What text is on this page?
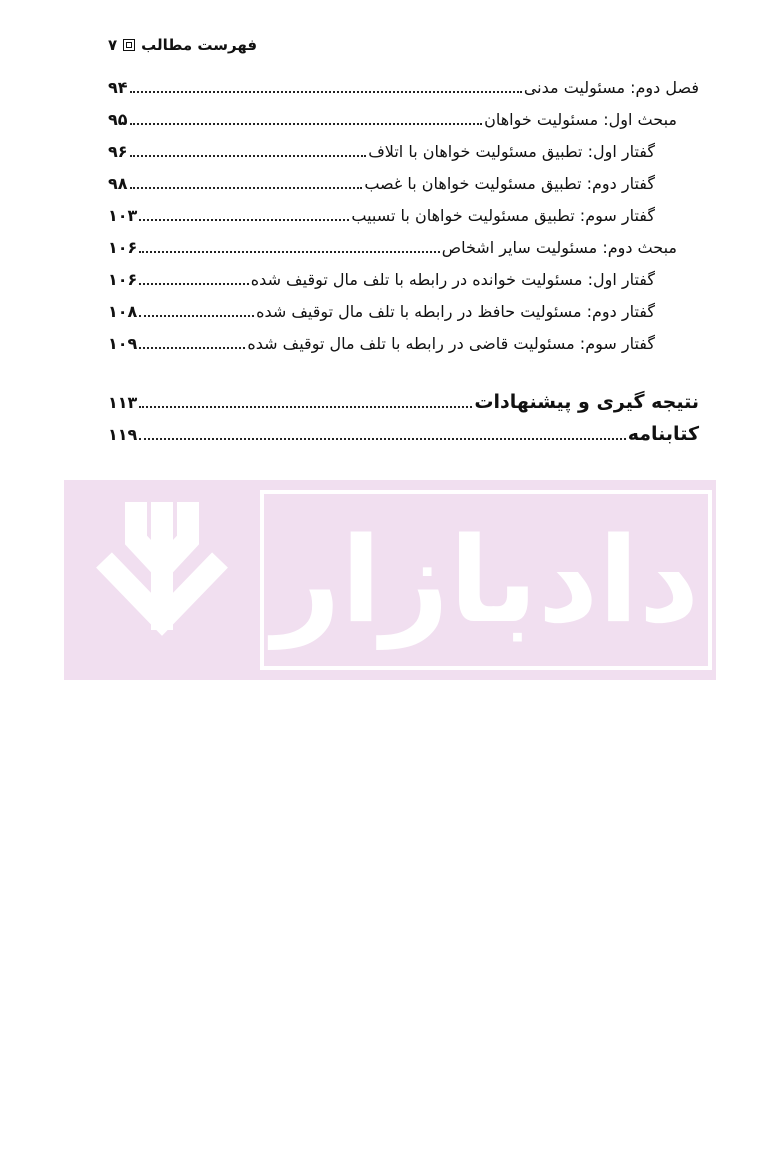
۷ فهرست مطالب
فصل دوم: مسئولیت مدنی
۹۴
مبحث اول: مسئولیت خواهان
۹۵
گفتار اول: تطبیق مسئولیت خواهان با اتلاف
۹۶
گفتار دوم: تطبیق مسئولیت خواهان با غصب
۹۸
گفتار سوم: تطبیق مسئولیت خواهان با تسبیب
۱۰۳
مبحث دوم: مسئولیت سایر اشخاص
۱۰۶
گفتار اول: مسئولیت خوانده در رابطه با تلف مال توقیف شده
۱۰۶
گفتار دوم: مسئولیت حافظ در رابطه با تلف مال توقیف شده
۱۰۸
گفتار سوم: مسئولیت قاضی در رابطه با تلف مال توقیف شده
۱۰۹
نتیجه گیری و پیشنهادات
۱۱۳
کتابنامه
۱۱۹
دادبازار
